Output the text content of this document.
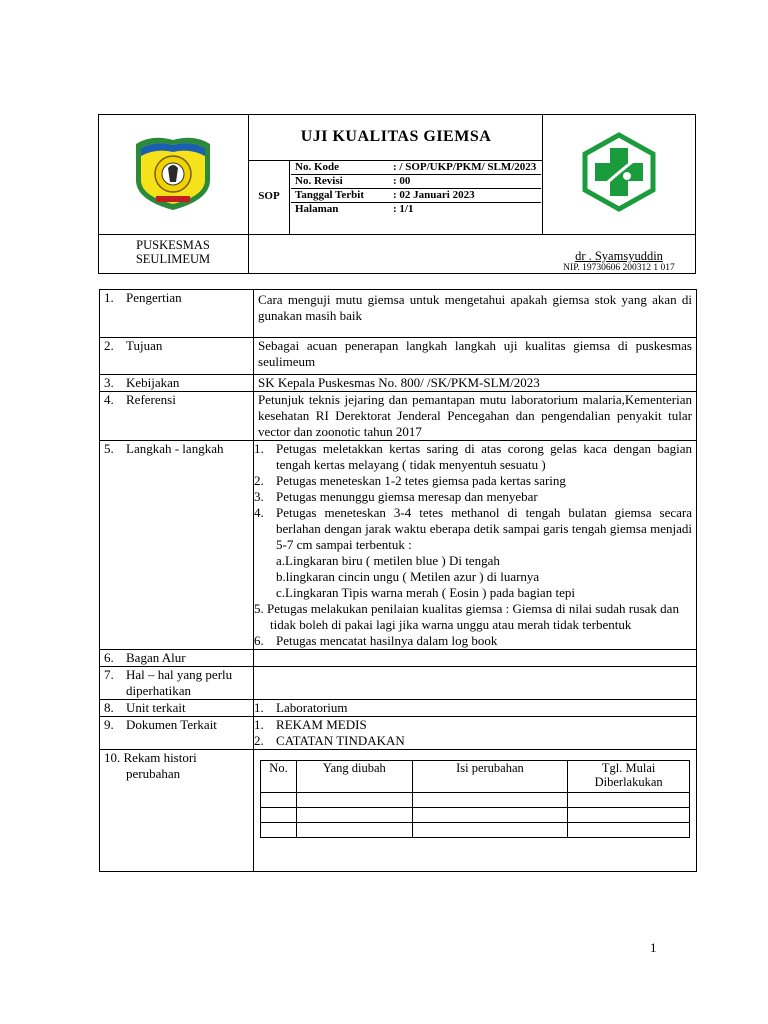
UJI KUALITAS GIEMSA
SOP
No. Kode	: / SOP/UKP/PKM/ SLM/2023
No. Revisi	: 00
Tanggal Terbit	: 02 Januari 2023
Halaman	: 1/1
PUSKESMAS
SEULIMEUM	dr . Syamsyuddin
NIP. 19730606 200312 1 017
1. Pengertian	Cara menguji mutu giemsa untuk mengetahui apakah giemsa stok yang akan di gunakan masih baik
2. Tujuan	Sebagai acuan penerapan langkah langkah uji kualitas giemsa di puskesmas seulimeum
3. Kebijakan	SK Kepala Puskesmas No. 800/ /SK/PKM-SLM/2023
4. Referensi	Petunjuk teknis jejaring dan pemantapan mutu laboratorium malaria,Kementerian kesehatan RI Derektorat Jenderal Pencegahan dan pengendalian penyakit tular vector dan zoonotic tahun 2017
5. Langkah - langkah	1. Petugas meletakkan kertas saring di atas corong gelas kaca dengan bagian tengah kertas melayang ( tidak menyentuh sesuatu )
2. Petugas meneteskan 1-2 tetes giemsa pada kertas saring
3. Petugas menunggu giemsa meresap dan menyebar
4. Petugas meneteskan 3-4 tetes methanol di tengah bulatan giemsa secara berlahan dengan jarak waktu eberapa detik sampai garis tengah giemsa menjadi 5-7 cm sampai terbentuk :
a.Lingkaran biru ( metilen blue ) Di tengah
b.lingkaran cincin ungu ( Metilen azur ) di luarnya
c.Lingkaran Tipis warna merah ( Eosin ) pada bagian tepi
5. Petugas melakukan penilaian kualitas giemsa : Giemsa di nilai sudah rusak dan tidak boleh di pakai lagi jika warna unggu atau merah tidak terbentuk
6. Petugas mencatat hasilnya dalam log book

6. Bagan Alur	
7. Hal – hal yang perlu diperhatikan	
8. Unit terkait	1. Laboratorium

9. Dokumen Terkait	1. REKAM MEDIS
2. CATATAN TINDAKAN

10. Rekam histori
perubahan
		No.	Yang diubah	Isi perubahan	Tgl. Mulai Diberlakukan

1
